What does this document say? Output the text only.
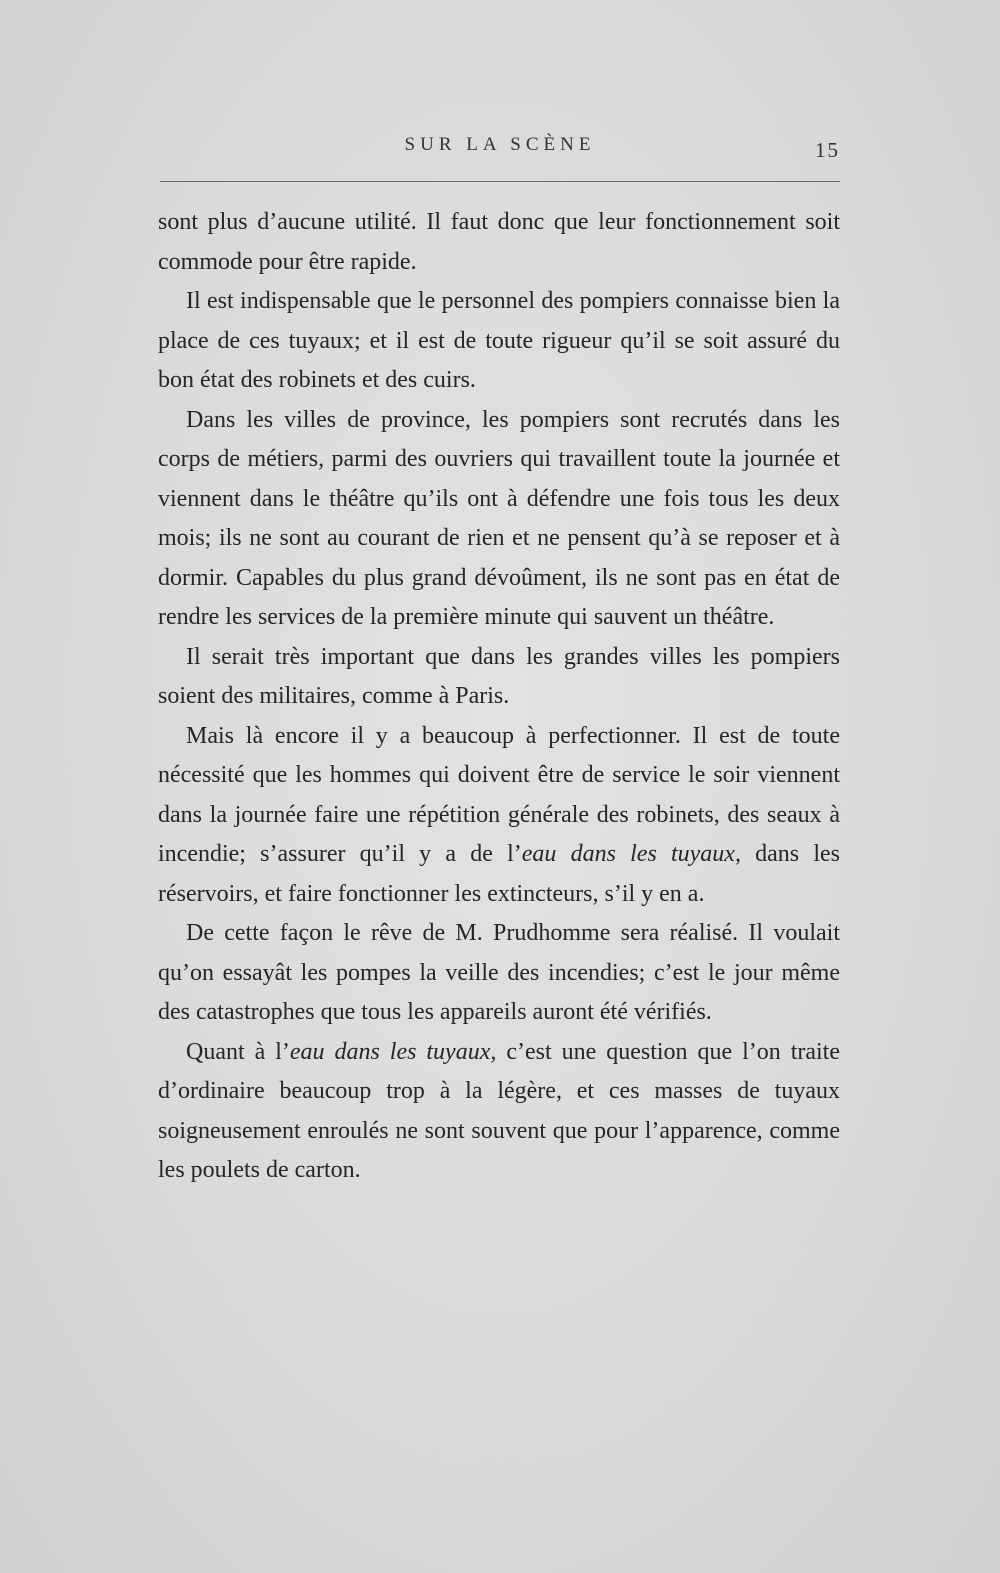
SUR LA SCÈNE	15

sont plus d’aucune utilité. Il faut donc que leur fonctionnement soit commode pour être rapide.

Il est indispensable que le personnel des pompiers connaisse bien la place de ces tuyaux; et il est de toute rigueur qu’il se soit assuré du bon état des robinets et des cuirs.

Dans les villes de province, les pompiers sont recrutés dans les corps de métiers, parmi des ouvriers qui travaillent toute la journée et viennent dans le théâtre qu’ils ont à défendre une fois tous les deux mois; ils ne sont au courant de rien et ne pensent qu’à se reposer et à dormir. Capables du plus grand dévoûment, ils ne sont pas en état de rendre les services de la première minute qui sauvent un théâtre.

Il serait très important que dans les grandes villes les pompiers soient des militaires, comme à Paris.

Mais là encore il y a beaucoup à perfectionner. Il est de toute nécessité que les hommes qui doivent être de service le soir viennent dans la journée faire une répétition générale des robinets, des seaux à incendie; s’assurer qu’il y a de l’eau dans les tuyaux, dans les réservoirs, et faire fonctionner les extincteurs, s’il y en a.

De cette façon le rêve de M. Prudhomme sera réalisé. Il voulait qu’on essayât les pompes la veille des incendies; c’est le jour même des catastrophes que tous les appareils auront été vérifiés.

Quant à l’eau dans les tuyaux, c’est une question que l’on traite d’ordinaire beaucoup trop à la légère, et ces masses de tuyaux soigneusement enroulés ne sont souvent que pour l’apparence, comme les poulets de carton.
